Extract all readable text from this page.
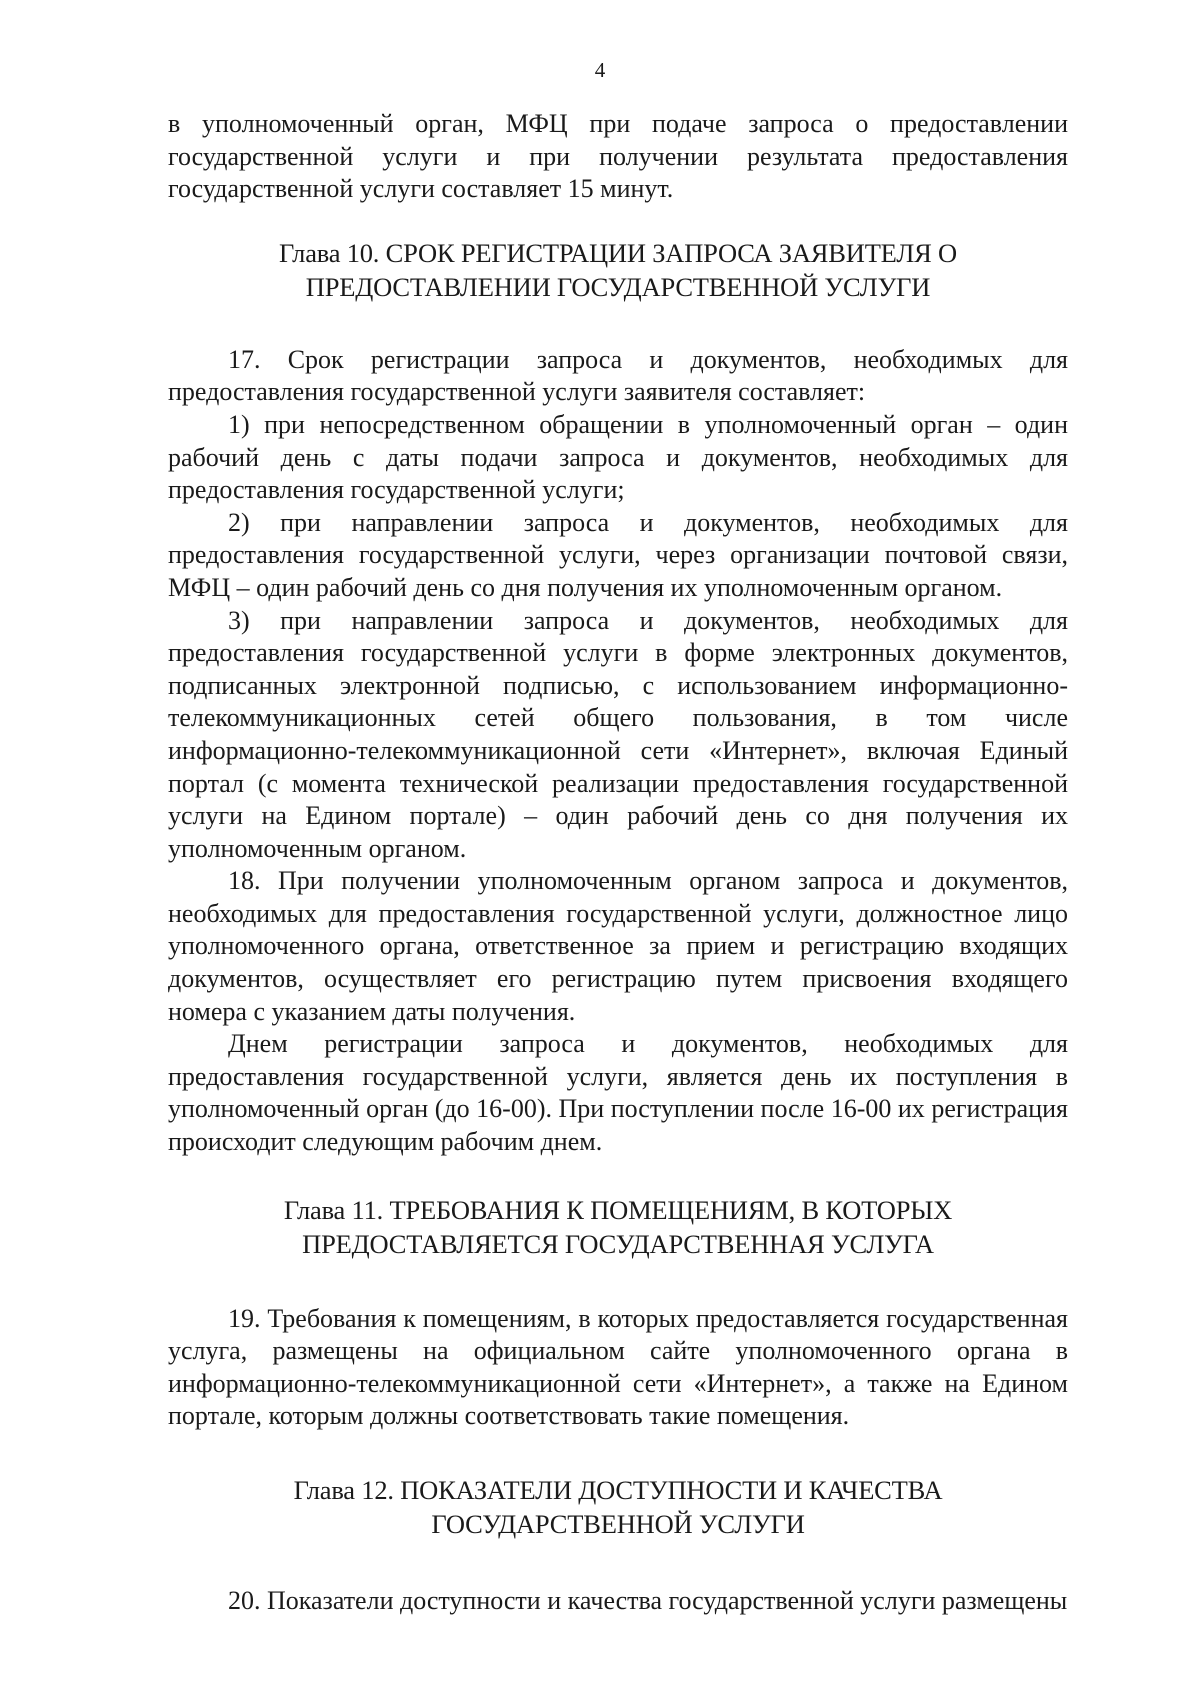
4

в уполномоченный орган, МФЦ при подаче запроса о предоставлении государственной услуги и при получении результата предоставления государственной услуги составляет 15 минут.

Глава 10. СРОК РЕГИСТРАЦИИ ЗАПРОСА ЗАЯВИТЕЛЯ О
ПРЕДОСТАВЛЕНИИ ГОСУДАРСТВЕННОЙ УСЛУГИ

17. Срок регистрации запроса и документов, необходимых для предоставления государственной услуги заявителя составляет:

1) при непосредственном обращении в уполномоченный орган – один рабочий день с даты подачи запроса и документов, необходимых для предоставления государственной услуги;

2) при направлении запроса и документов, необходимых для предоставления государственной услуги, через организации почтовой связи, МФЦ – один рабочий день со дня получения их уполномоченным органом.

3) при направлении запроса и документов, необходимых для предоставления государственной услуги в форме электронных документов, подписанных электронной подписью, с использованием информационно-телекоммуникационных сетей общего пользования, в том числе информационно-телекоммуникационной сети «Интернет», включая Единый портал (с момента технической реализации предоставления государственной услуги на Едином портале) – один рабочий день со дня получения их уполномоченным органом.

18. При получении уполномоченным органом запроса и документов, необходимых для предоставления государственной услуги, должностное лицо уполномоченного органа, ответственное за прием и регистрацию входящих документов, осуществляет его регистрацию путем присвоения входящего номера с указанием даты получения.

Днем регистрации запроса и документов, необходимых для предоставления государственной услуги, является день их поступления в уполномоченный орган (до 16-00). При поступлении после 16-00 их регистрация происходит следующим рабочим днем.

Глава 11. ТРЕБОВАНИЯ К ПОМЕЩЕНИЯМ, В КОТОРЫХ
ПРЕДОСТАВЛЯЕТСЯ ГОСУДАРСТВЕННАЯ УСЛУГА

19. Требования к помещениям, в которых предоставляется государственная услуга, размещены на официальном сайте уполномоченного органа в информационно-телекоммуникационной сети «Интернет», а также на Едином портале, которым должны соответствовать такие помещения.

Глава 12. ПОКАЗАТЕЛИ ДОСТУПНОСТИ И КАЧЕСТВА
ГОСУДАРСТВЕННОЙ УСЛУГИ

20. Показатели доступности и качества государственной услуги размещены
